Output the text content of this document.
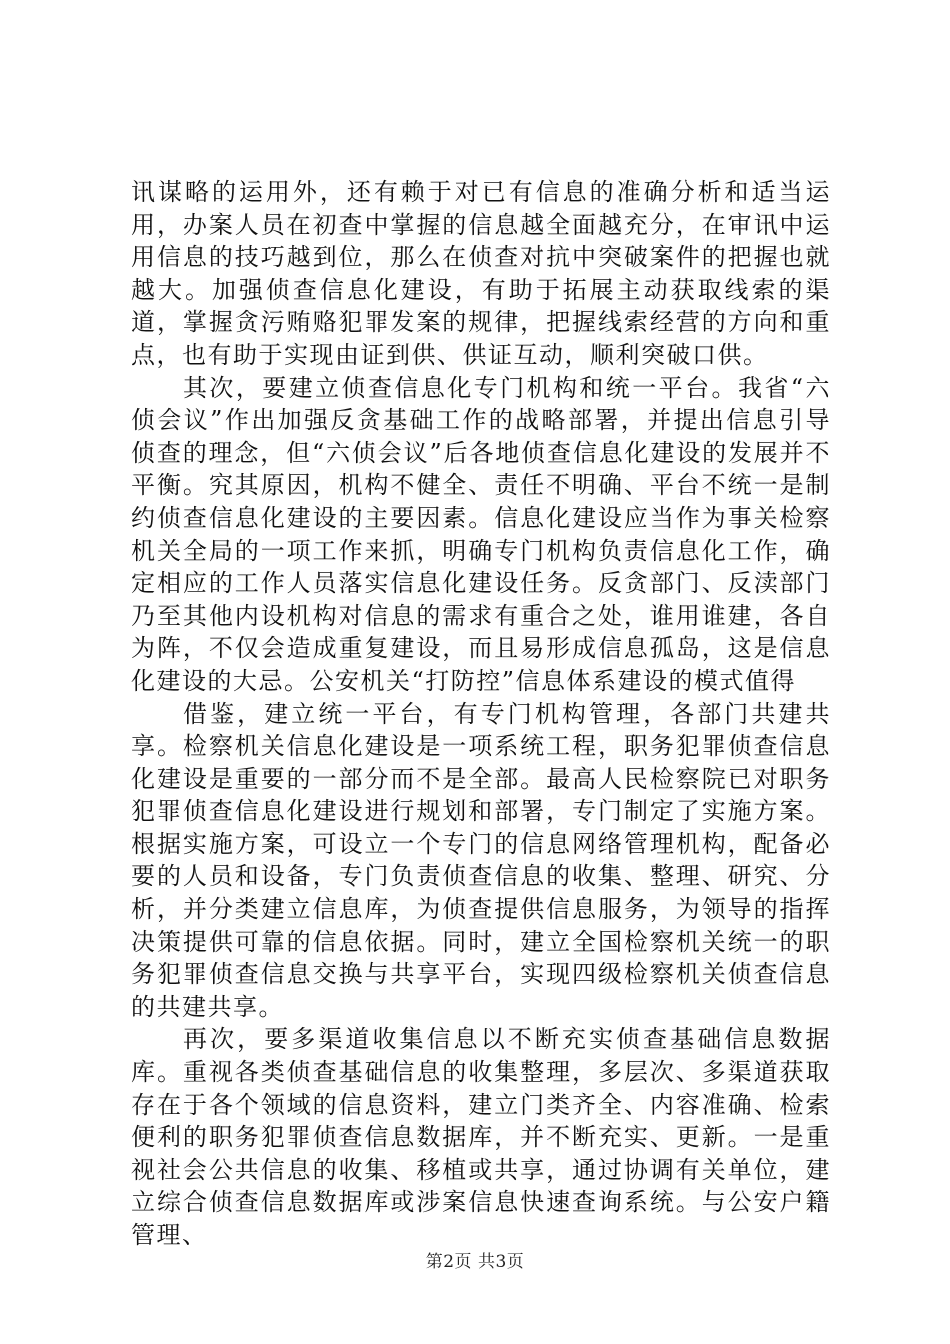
讯谋略的运用外，还有赖于对已有信息的准确分析和适当运用，办案人员在初查中掌握的信息越全面越充分，在审讯中运用信息的技巧越到位，那么在侦查对抗中突破案件的把握也就越大。加强侦查信息化建设，有助于拓展主动获取线索的渠道，掌握贪污贿赂犯罪发案的规律，把握线索经营的方向和重点，也有助于实现由证到供、供证互动，顺利突破口供。

其次，要建立侦查信息化专门机构和统一平台。我省“六侦会议”作出加强反贪基础工作的战略部署，并提出信息引导侦查的理念，但“六侦会议”后各地侦查信息化建设的发展并不平衡。究其原因，机构不健全、责任不明确、平台不统一是制约侦查信息化建设的主要因素。信息化建设应当作为事关检察机关全局的一项工作来抓，明确专门机构负责信息化工作，确定相应的工作人员落实信息化建设任务。反贪部门、反渎部门乃至其他内设机构对信息的需求有重合之处，谁用谁建，各自为阵，不仅会造成重复建设，而且易形成信息孤岛，这是信息化建设的大忌。公安机关“打防控”信息体系建设的模式值得

借鉴，建立统一平台，有专门机构管理，各部门共建共享。检察机关信息化建设是一项系统工程，职务犯罪侦查信息化建设是重要的一部分而不是全部。最高人民检察院已对职务犯罪侦查信息化建设进行规划和部署，专门制定了实施方案。根据实施方案，可设立一个专门的信息网络管理机构，配备必要的人员和设备，专门负责侦查信息的收集、整理、研究、分析，并分类建立信息库，为侦查提供信息服务，为领导的指挥决策提供可靠的信息依据。同时，建立全国检察机关统一的职务犯罪侦查信息交换与共享平台，实现四级检察机关侦查信息的共建共享。

再次，要多渠道收集信息以不断充实侦查基础信息数据库。重视各类侦查基础信息的收集整理，多层次、多渠道获取存在于各个领域的信息资料，建立门类齐全、内容准确、检索便利的职务犯罪侦查信息数据库，并不断充实、更新。一是重视社会公共信息的收集、移植或共享，通过协调有关单位，建立综合侦查信息数据库或涉案信息快速查询系统。与公安户籍管理、

第2页 共3页
